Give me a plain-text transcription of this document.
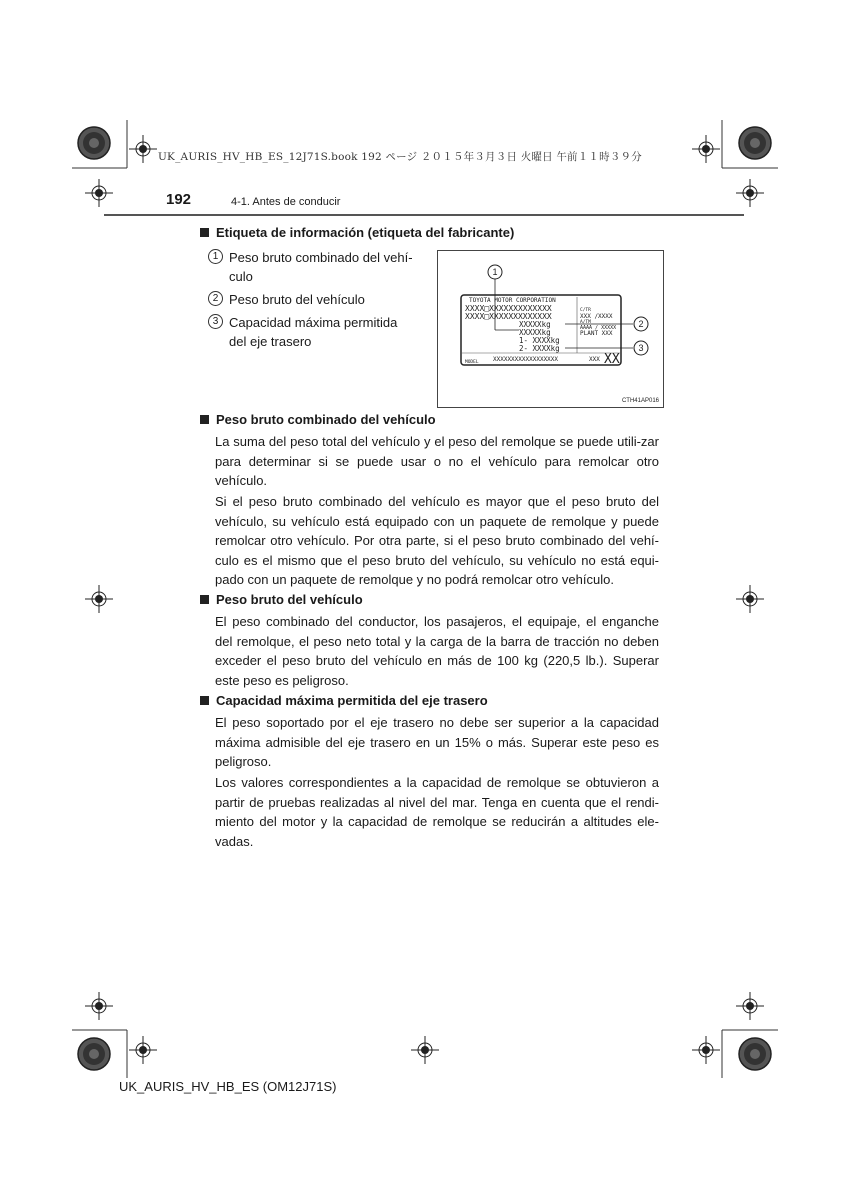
UK_AURIS_HV_HB_ES_12J71S.book 192 ページ ２０１５年３月３日 火曜日 午前１１時３９分
192	4-1. Antes de conducir
Etiqueta de información (etiqueta del fabricante)
1 Peso bruto combinado del vehí-
culo
2 Peso bruto del vehículo
3 Capacidad máxima permitida
del eje trasero
TOYOTA MOTOR CORPORATION
XXXX□XXXXXXXXXXXXX
XXXX□XXXXXXXXXXXXX
XXXXXkg
XXXXXkg
1- XXXXkg
2- XXXXkg
C/TR
XXX /XXXX
A/TM
AAAA / XXXXX
PLANT XXX
MODEL XXXXXXXXXXXXXXXXXX	XXX XX
1
2
3
CTH41AP016
Peso bruto combinado del vehículo

La suma del peso total del vehículo y el peso del remolque se puede utili-zar para determinar si se puede usar o no el vehículo para remolcar otro vehículo.

Si el peso bruto combinado del vehículo es mayor que el peso bruto del vehículo, su vehículo está equipado con un paquete de remolque y puede remolcar otro vehículo. Por otra parte, si el peso bruto combinado del vehí-culo es el mismo que el peso bruto del vehículo, su vehículo no está equi-pado con un paquete de remolque y no podrá remolcar otro vehículo.

Peso bruto del vehículo

El peso combinado del conductor, los pasajeros, el equipaje, el enganche del remolque, el peso neto total y la carga de la barra de tracción no deben exceder el peso bruto del vehículo en más de 100 kg (220,5 lb.). Superar este peso es peligroso.

Capacidad máxima permitida del eje trasero

El peso soportado por el eje trasero no debe ser superior a la capacidad máxima admisible del eje trasero en un 15% o más. Superar este peso es peligroso.

Los valores correspondientes a la capacidad de remolque se obtuvieron a partir de pruebas realizadas al nivel del mar. Tenga en cuenta que el rendi-miento del motor y la capacidad de remolque se reducirán a altitudes ele-vadas.

UK_AURIS_HV_HB_ES (OM12J71S)
